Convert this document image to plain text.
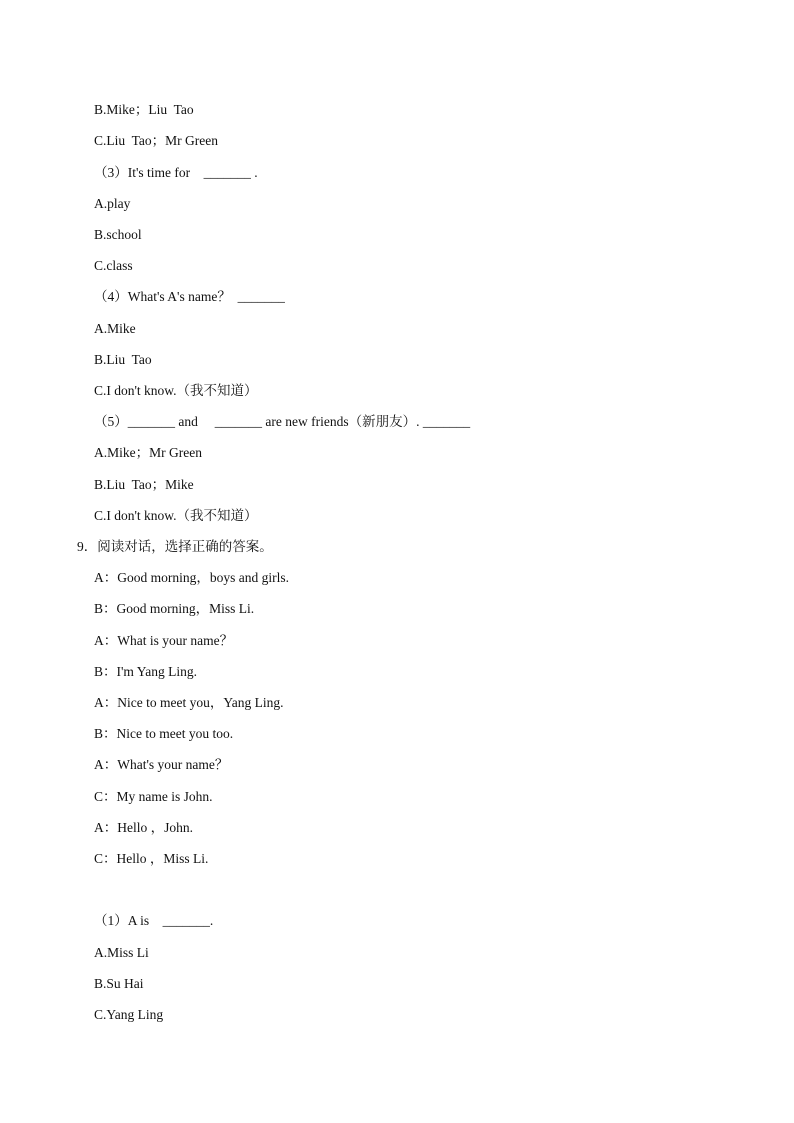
B.Mike；Liu  Tao
C.Liu  Tao；Mr Green
（3）It's time for    _______ .
A.play
B.school
C.class
（4）What's A's name？  _______
A.Mike
B.Liu  Tao
C.I don't know.（我不知道）
（5）_______ and     _______ are new friends（新朋友）. _______
A.Mike；Mr Green
B.Liu  Tao；Mike
C.I don't know.（我不知道）
9．阅读对话，选择正确的答案。
A：Good morning，boys and girls.
B：Good morning，Miss Li.
A：What is your name？
B：I'm Yang Ling.
A：Nice to meet you，Yang Ling.
B：Nice to meet you too.
A：What's your name？
C：My name is John.
A：Hello ，John.
C：Hello ，Miss Li.
（1）A is    _______.
A.Miss Li
B.Su Hai
C.Yang Ling
